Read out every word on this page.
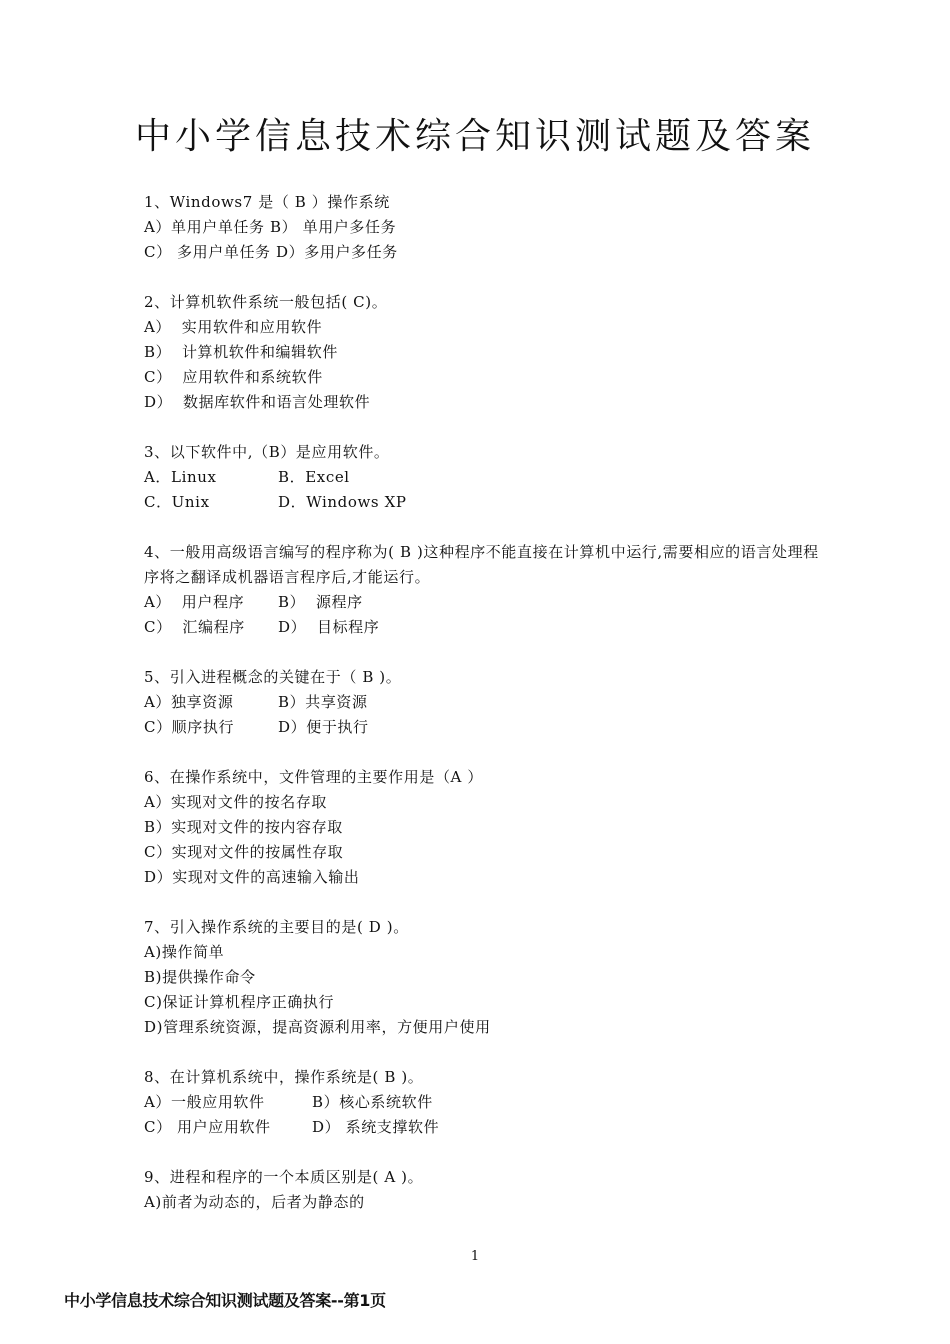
中小学信息技术综合知识测试题及答案
1、Windows7 是（ B ）操作系统
A）单用户单任务 B） 单用户多任务
C） 多用户单任务 D）多用户多任务
2、计算机软件系统一般包括( C)。
A）  实用软件和应用软件
B）  计算机软件和编辑软件
C）  应用软件和系统软件
D）  数据库软件和语言处理软件
3、以下软件中,（B）是应用软件。
A．Linux	B．Excel
C．Unix	D．Windows XP
4、一般用高级语言编写的程序称为( B )这种程序不能直接在计算机中运行,需要相应的语言处理程序将之翻译成机器语言程序后,才能运行。
A）  用户程序	B）  源程序
C）  汇编程序	D）  目标程序
5、引入进程概念的关键在于（ B )。
A）独享资源	B）共享资源
C）顺序执行	D）便于执行
6、在操作系统中，文件管理的主要作用是（A ）
A）实现对文件的按名存取
B）实现对文件的按内容存取
C）实现对文件的按属性存取
D）实现对文件的高速输入输出
7、引入操作系统的主要目的是( D )。
A)操作简单
B)提供操作命令
C)保证计算机程序正确执行
D)管理系统资源，提高资源利用率，方便用户使用
8、在计算机系统中，操作系统是( B )。
A）一般应用软件	B）核心系统软件
C） 用户应用软件	D） 系统支撑软件
9、进程和程序的一个本质区别是( A )。
A)前者为动态的，后者为静态的
1
中小学信息技术综合知识测试题及答案--第1页
